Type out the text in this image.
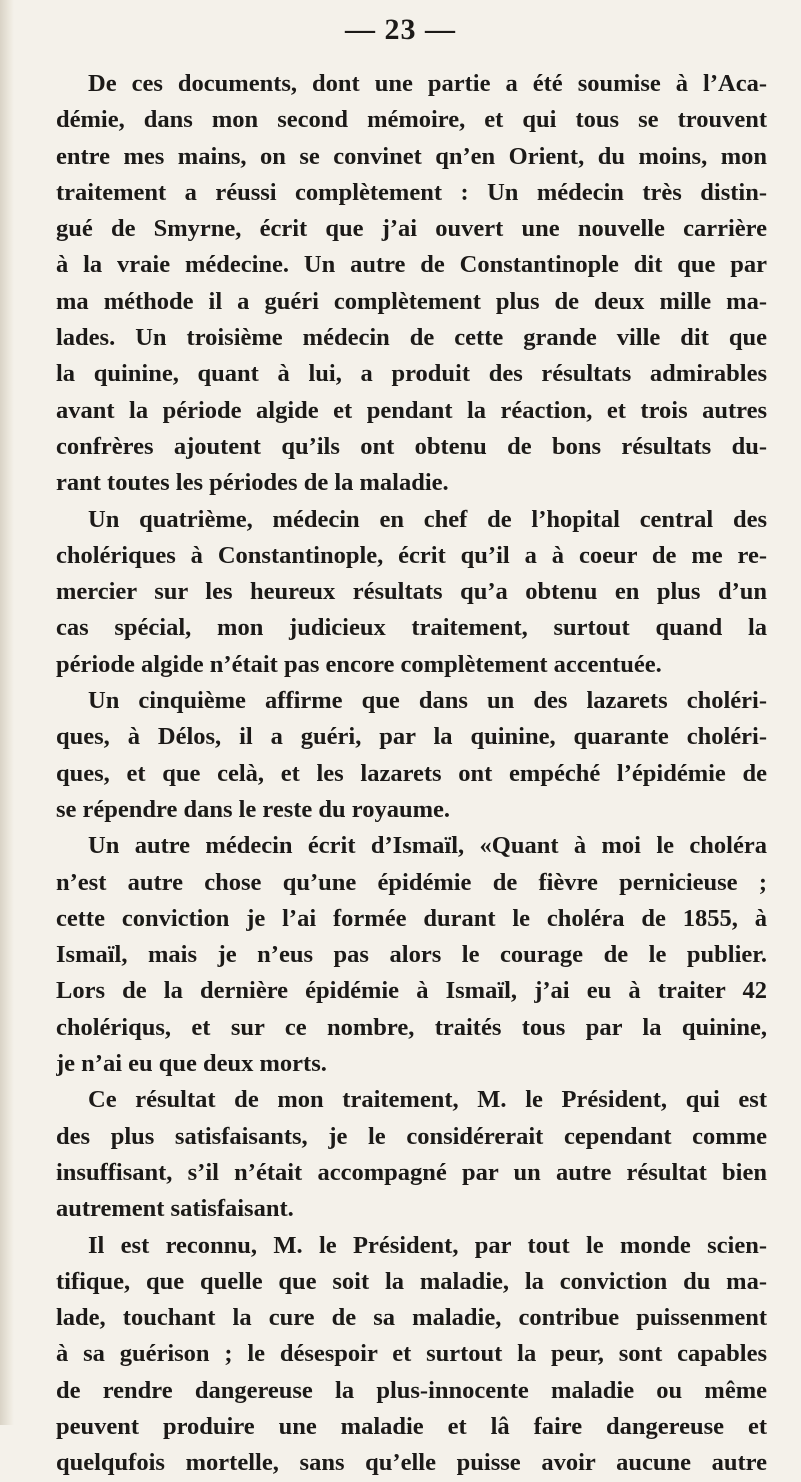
— 23 —
De ces documents, dont une partie a été soumise à l’Aca-
démie, dans mon second mémoire, et qui tous se trouvent
entre mes mains, on se convinet qn’en Orient, du moins, mon
traitement a réussi complètement : Un médecin très distin-
gué de Smyrne, écrit que j’ai ouvert une nouvelle carrière
à la vraie médecine. Un autre de Constantinople dit que par
ma méthode il a guéri complètement plus de deux mille ma-
lades. Un troisième médecin de cette grande ville dit que
la quinine, quant à lui, a produit des résultats admirables
avant la période algide et pendant la réaction, et trois autres
confrères ajoutent qu’ils ont obtenu de bons résultats du-
rant toutes les périodes de la maladie.
Un quatrième, médecin en chef de l’hopital central des
cholériques à Constantinople, écrit qu’il a à coeur de me re-
mercier sur les heureux résultats qu’a obtenu en plus d’un
cas spécial, mon judicieux traitement, surtout quand la
période algide n’était pas encore complètement accentuée.
Un cinquième affirme que dans un des lazarets choléri-
ques, à Délos, il a guéri, par la quinine, quarante choléri-
ques, et que celà, et les lazarets ont empéché l’épidémie de
se répendre dans le reste du royaume.
Un autre médecin écrit d’Ismaïl, «Quant à moi le choléra
n’est autre chose qu’une épidémie de fièvre pernicieuse ;
cette conviction je l’ai formée durant le choléra de 1855, à
Ismaïl, mais je n’eus pas alors le courage de le publier.
Lors de la dernière épidémie à Ismaïl, j’ai eu à traiter 42
cholériqus, et sur ce nombre, traités tous par la quinine,
je n’ai eu que deux morts.
Ce résultat de mon traitement, M. le Président, qui est
des plus satisfaisants, je le considérerait cependant comme
insuffisant, s’il n’était accompagné par un autre résultat bien
autrement satisfaisant.
Il est reconnu, M. le Président, par tout le monde scien-
tifique, que quelle que soit la maladie, la conviction du ma-
lade, touchant la cure de sa maladie, contribue puissenment
à sa guérison ; le désespoir et surtout la peur, sont capables
de rendre dangereuse la plus-innocente maladie ou même
peuvent produire une maladie et lâ faire dangereuse et
quelqufois mortelle, sans qu’elle puisse avoir aucune autre
